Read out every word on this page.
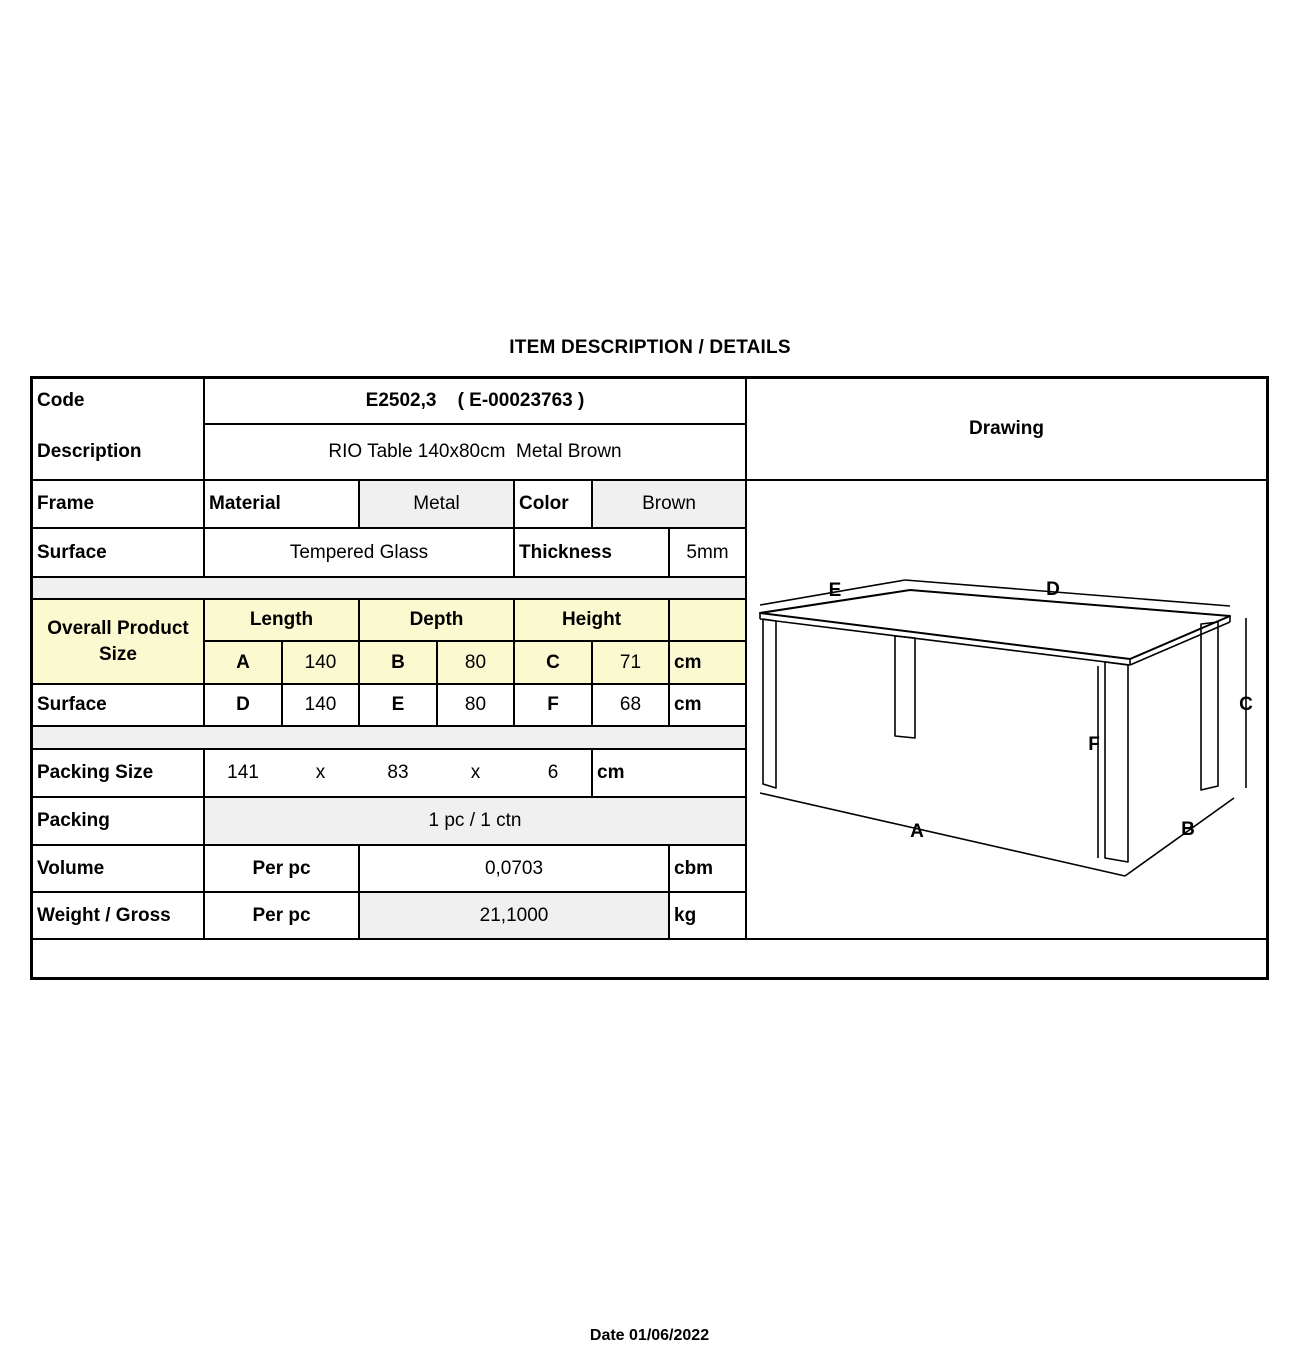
ITEM DESCRIPTION / DETAILS
Code	E2502,3    ( E-00023763 )
Description	RIO Table 140x80cm  Metal Brown
Drawing
Frame	Material	Metal	Color	Brown
Surface	Tempered Glass	Thickness	5mm
Overall Product
Size
Length	Depth	Height
A	140	B	80	C	71	cm
Surface	D	140	E	80	F	68	cm
Packing Size	141	x	83	x	6	cm
Packing	1 pc / 1 ctn
Volume	Per pc	0,0703	cbm
Weight / Gross	Per pc	21,1000	kg
Date 01/06/2022
E	D
C
F
A	B
